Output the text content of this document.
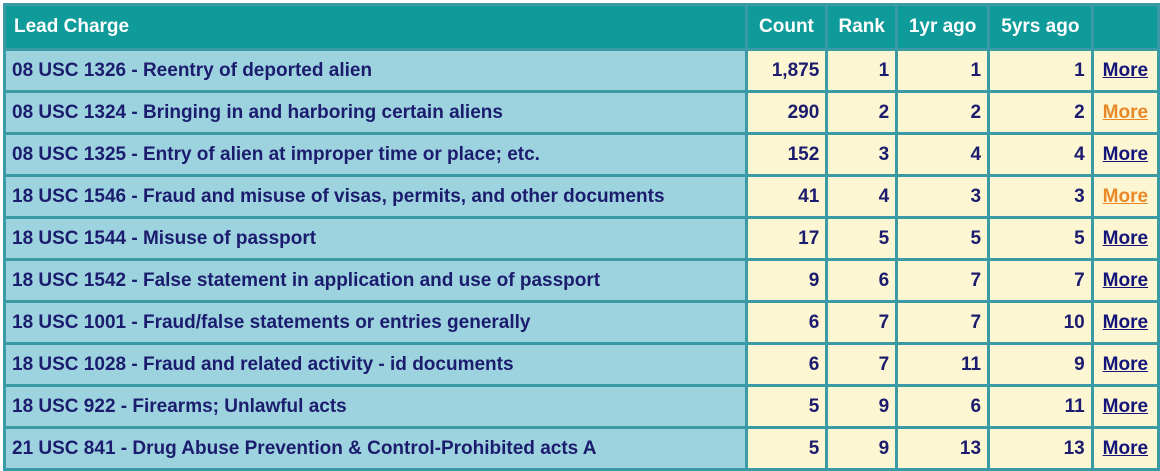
Lead Charge	Count	Rank	1yr ago	5yrs ago	
08 USC 1326 - Reentry of deported alien	1,875	1	1	1	More
08 USC 1324 - Bringing in and harboring certain aliens	290	2	2	2	More
08 USC 1325 - Entry of alien at improper time or place; etc.	152	3	4	4	More
18 USC 1546 - Fraud and misuse of visas, permits, and other documents	41	4	3	3	More
18 USC 1544 - Misuse of passport	17	5	5	5	More
18 USC 1542 - False statement in application and use of passport	9	6	7	7	More
18 USC 1001 - Fraud/false statements or entries generally	6	7	7	10	More
18 USC 1028 - Fraud and related activity - id documents	6	7	11	9	More
18 USC 922 - Firearms; Unlawful acts	5	9	6	11	More
21 USC 841 - Drug Abuse Prevention & Control-Prohibited acts A	5	9	13	13	More
